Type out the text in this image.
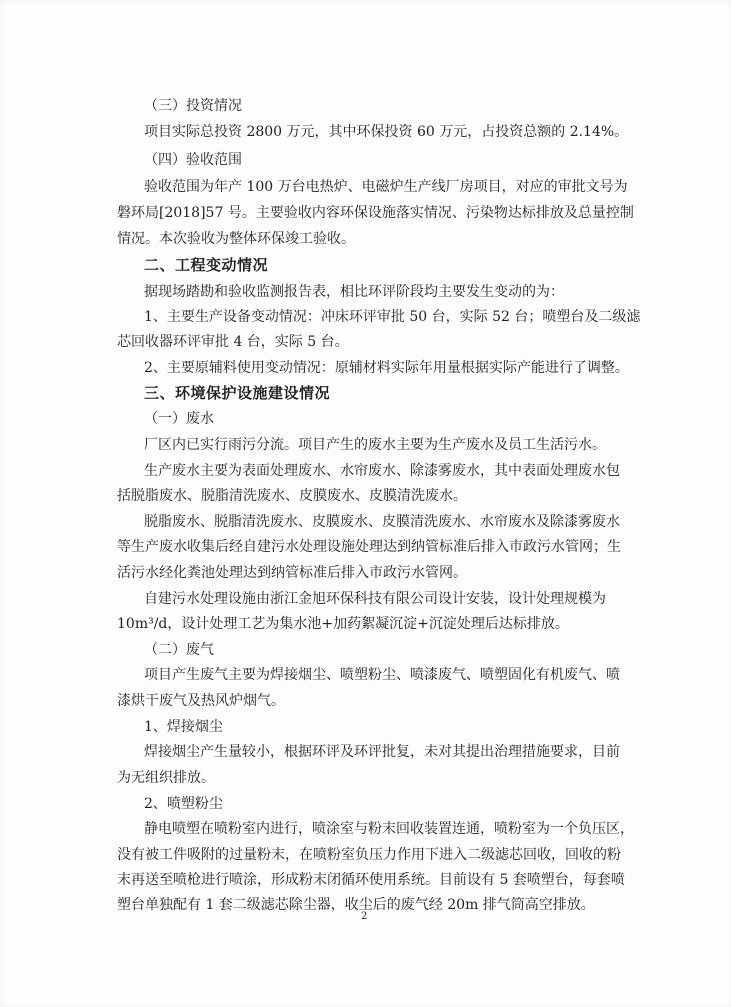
（三）投资情况

项目实际总投资 2800 万元，其中环保投资 60 万元，占投资总额的 2.14%。

（四）验收范围

验收范围为年产 100 万台电热炉、电磁炉生产线厂房项目，对应的审批文号为

磐环局[2018]57 号。主要验收内容环保设施落实情况、污染物达标排放及总量控制

情况。本次验收为整体环保竣工验收。

二、工程变动情况

据现场踏勘和验收监测报告表，相比环评阶段均主要发生变动的为：

1、主要生产设备变动情况：冲床环评审批 50 台，实际 52 台；喷塑台及二级滤

芯回收器环评审批 4 台，实际 5 台。

2、主要原辅料使用变动情况：原辅材料实际年用量根据实际产能进行了调整。

三、环境保护设施建设情况

（一）废水

厂区内已实行雨污分流。项目产生的废水主要为生产废水及员工生活污水。

生产废水主要为表面处理废水、水帘废水、除漆雾废水，其中表面处理废水包

括脱脂废水、脱脂清洗废水、皮膜废水、皮膜清洗废水。

脱脂废水、脱脂清洗废水、皮膜废水、皮膜清洗废水、水帘废水及除漆雾废水

等生产废水收集后经自建污水处理设施处理达到纳管标准后排入市政污水管网；生

活污水经化粪池处理达到纳管标准后排入市政污水管网。

自建污水处理设施由浙江金旭环保科技有限公司设计安装，设计处理规模为

10m³/d，设计处理工艺为集水池+加药絮凝沉淀+沉淀处理后达标排放。

（二）废气

项目产生废气主要为焊接烟尘、喷塑粉尘、喷漆废气、喷塑固化有机废气、喷

漆烘干废气及热风炉烟气。

1、焊接烟尘

焊接烟尘产生量较小，根据环评及环评批复，未对其提出治理措施要求，目前

为无组织排放。

2、喷塑粉尘

静电喷塑在喷粉室内进行，喷涂室与粉末回收装置连通，喷粉室为一个负压区，

没有被工件吸附的过量粉末，在喷粉室负压力作用下进入二级滤芯回收，回收的粉

末再送至喷枪进行喷涂，形成粉末闭循环使用系统。目前设有 5 套喷塑台，每套喷

塑台单独配有 1 套二级滤芯除尘器，收尘后的废气经 20m 排气筒高空排放。

2
